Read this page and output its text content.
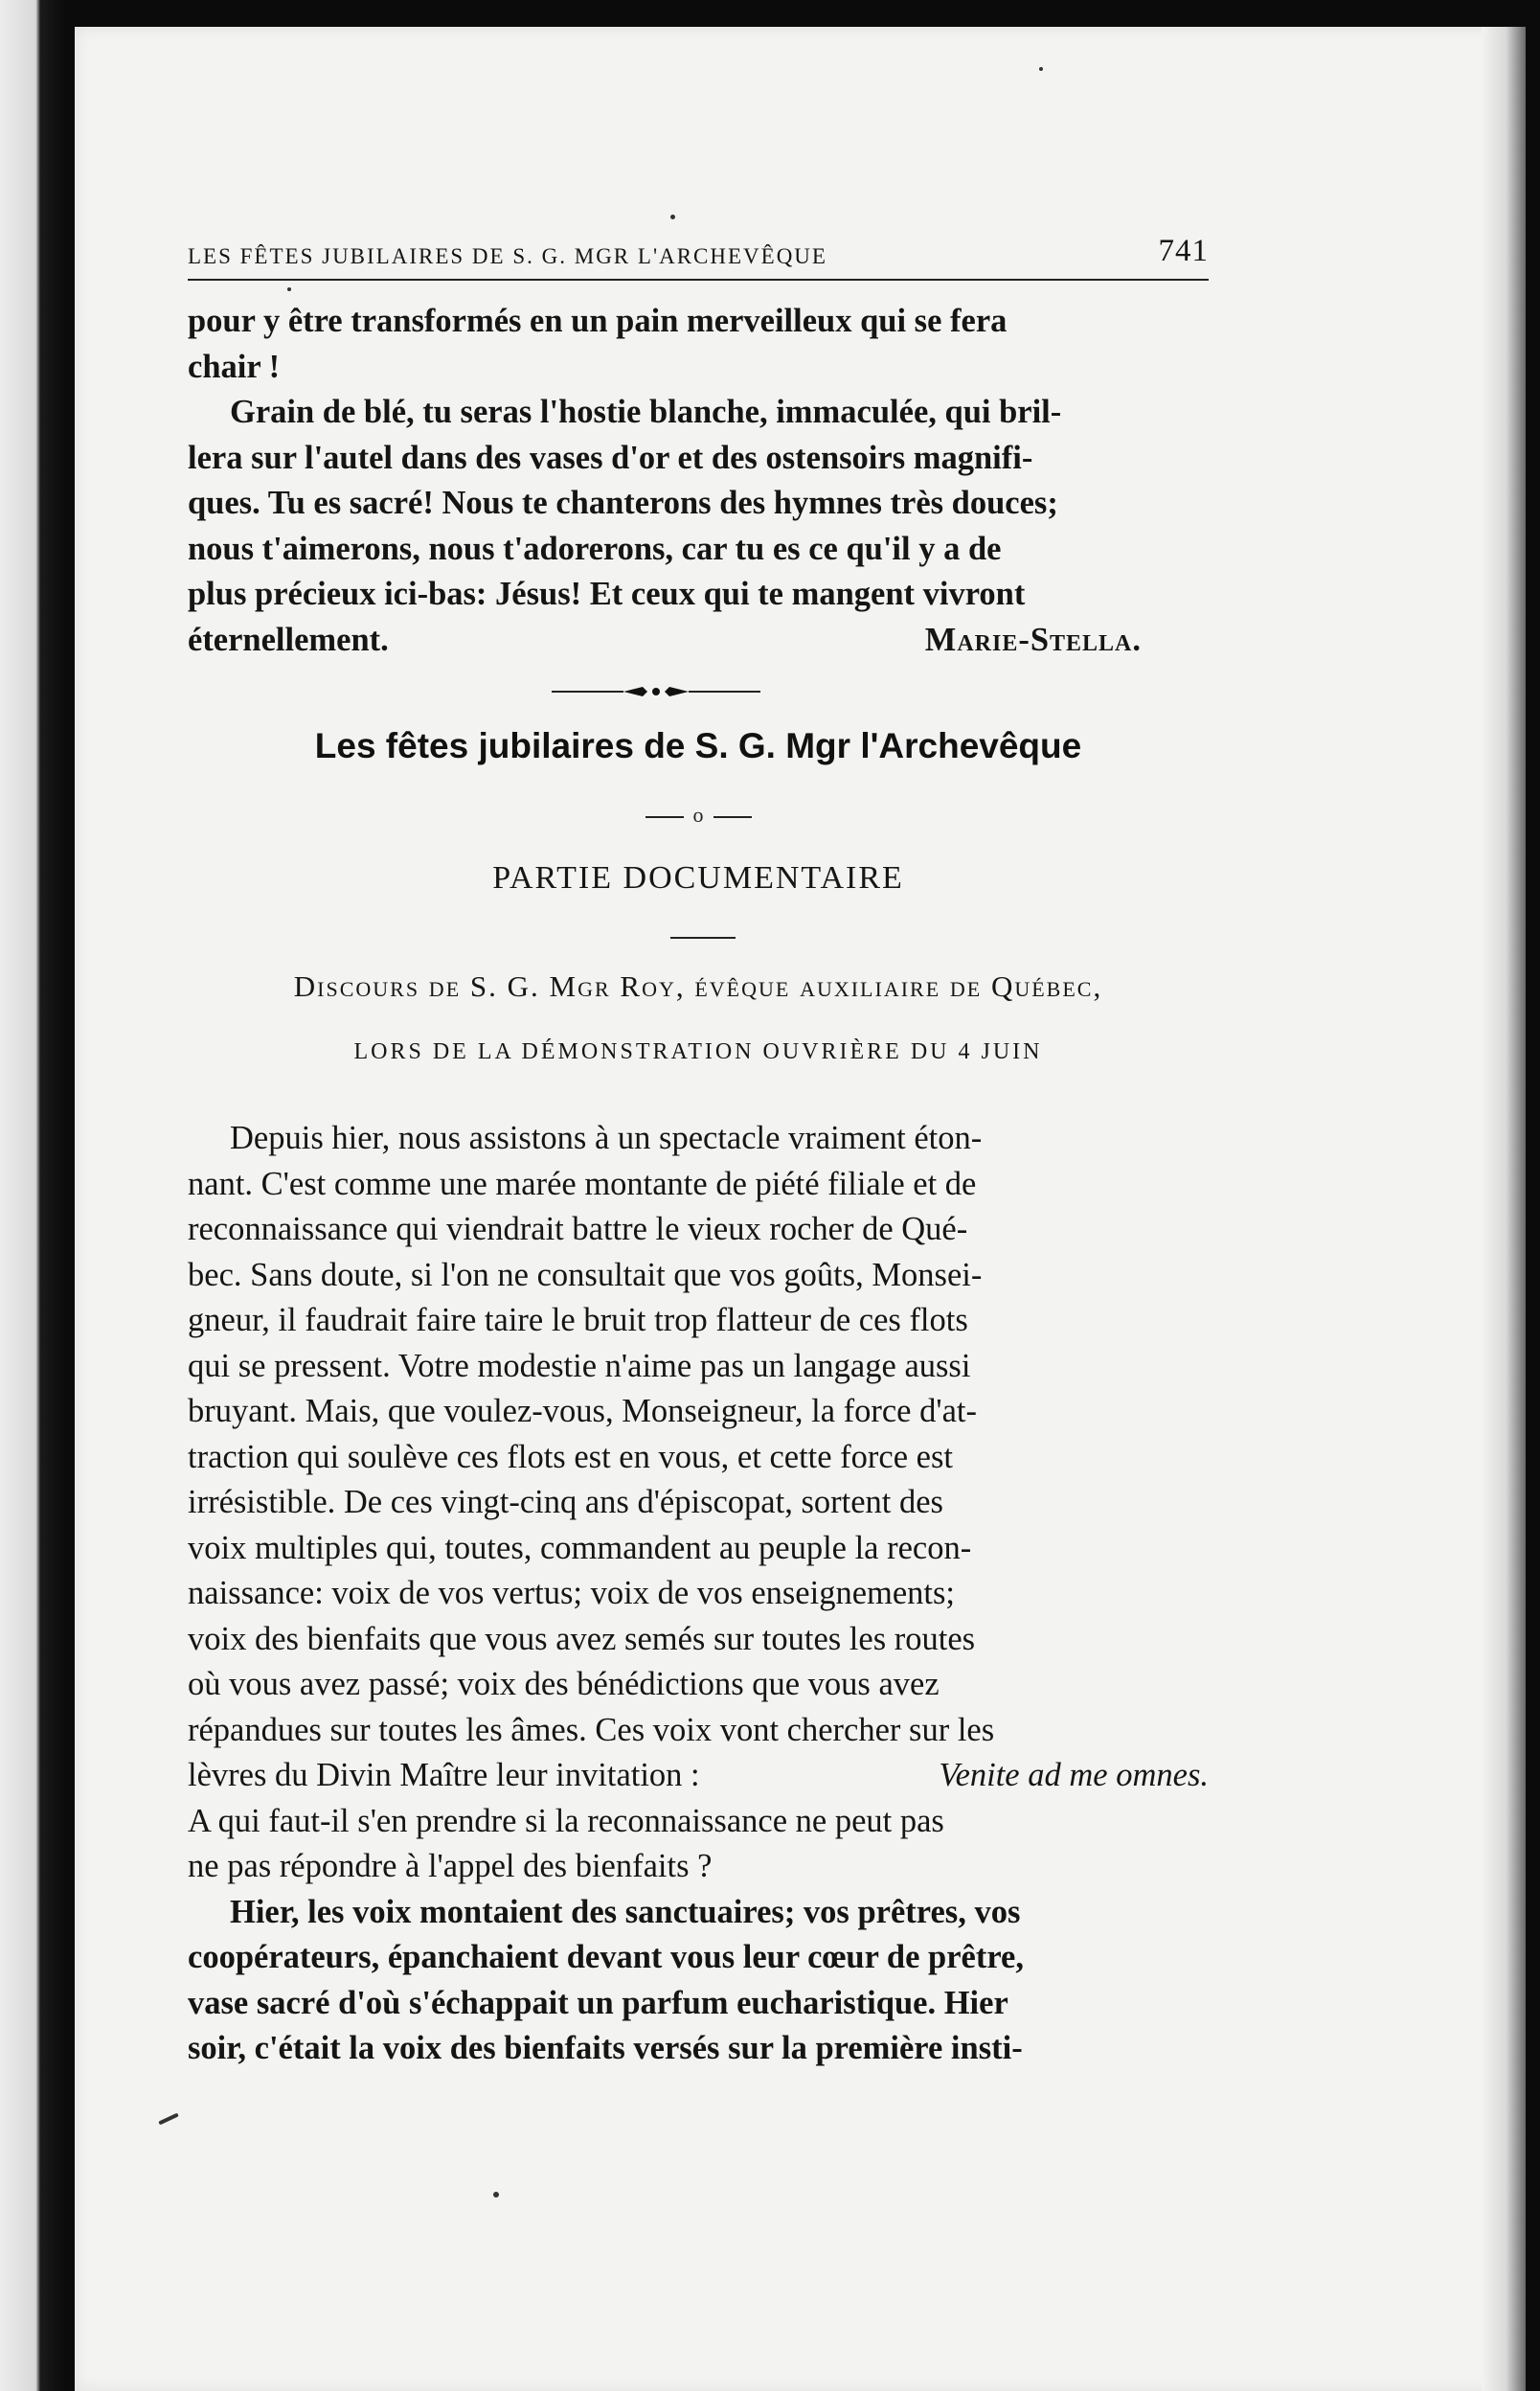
LES FÊTES JUBILAIRES DE S. G. MGR L'ARCHEVÊQUE	741

pour y être transformés en un pain merveilleux qui se fera

chair !

Grain de blé, tu seras l'hostie blanche, immaculée, qui bril-

lera sur l'autel dans des vases d'or et des ostensoirs magnifi-

ques. Tu es sacré! Nous te chanterons des hymnes très douces;

nous t'aimerons, nous t'adorerons, car tu es ce qu'il y a de

plus précieux ici-bas: Jésus! Et ceux qui te mangent vivront

éternellement.	Marie-Stella.

Les fêtes jubilaires de S. G. Mgr l'Archevêque
o
PARTIE DOCUMENTAIRE
Discours de S. G. Mgr Roy, évêque auxiliaire de Québec,
LORS DE LA DÉMONSTRATION OUVRIÈRE DU 4 JUIN

Depuis hier, nous assistons à un spectacle vraiment éton-

nant. C'est comme une marée montante de piété filiale et de

reconnaissance qui viendrait battre le vieux rocher de Qué-

bec. Sans doute, si l'on ne consultait que vos goûts, Monsei-

gneur, il faudrait faire taire le bruit trop flatteur de ces flots

qui se pressent. Votre modestie n'aime pas un langage aussi

bruyant. Mais, que voulez-vous, Monseigneur, la force d'at-

traction qui soulève ces flots est en vous, et cette force est

irrésistible. De ces vingt-cinq ans d'épiscopat, sortent des

voix multiples qui, toutes, commandent au peuple la recon-

naissance: voix de vos vertus; voix de vos enseignements;

voix des bienfaits que vous avez semés sur toutes les routes

où vous avez passé; voix des bénédictions que vous avez

répandues sur toutes les âmes. Ces voix vont chercher sur les

lèvres du Divin Maître leur invitation :	Venite ad me omnes.

A qui faut-il s'en prendre si la reconnaissance ne peut pas

ne pas répondre à l'appel des bienfaits ?

Hier, les voix montaient des sanctuaires; vos prêtres, vos

coopérateurs, épanchaient devant vous leur cœur de prêtre,

vase sacré d'où s'échappait un parfum eucharistique. Hier

soir, c'était la voix des bienfaits versés sur la première insti-
